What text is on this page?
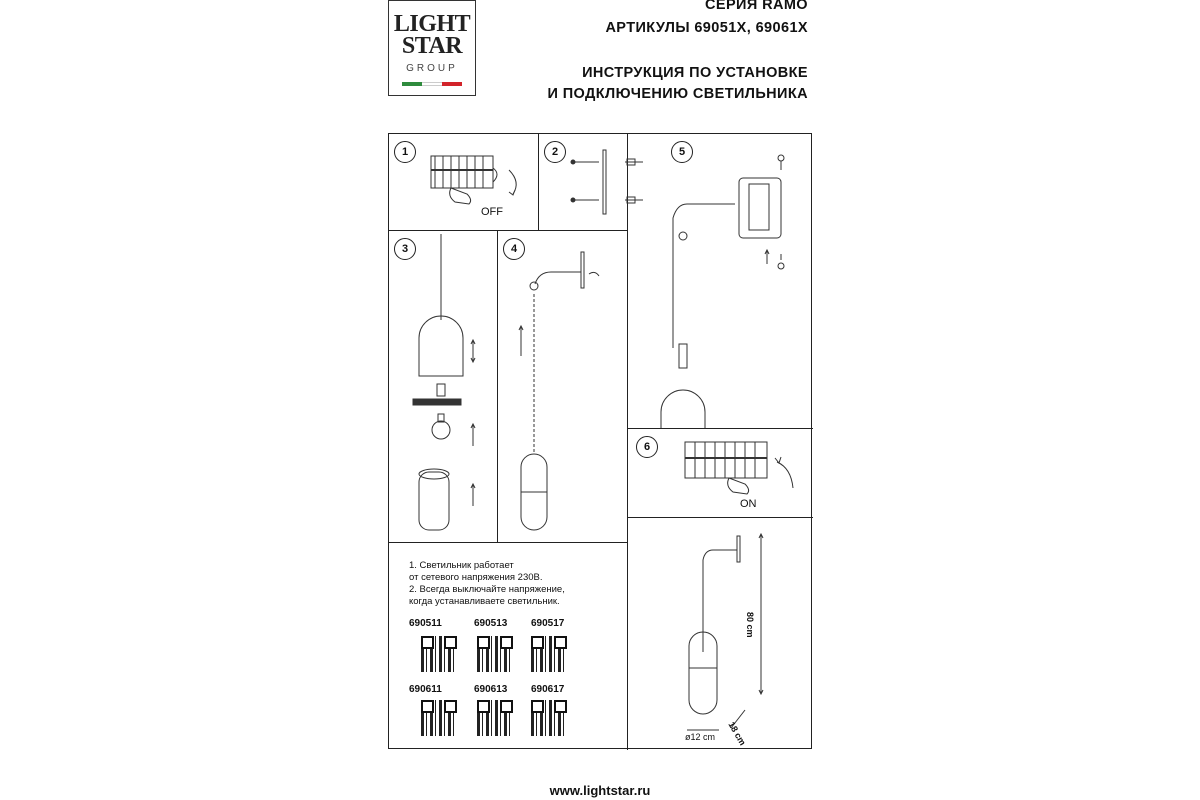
LIGHT
STAR
GROUP
СЕРИЯ RAMO
АРТИКУЛЫ 69051X, 69061X
ИНСТРУКЦИЯ ПО УСТАНОВКЕ
И ПОДКЛЮЧЕНИЮ СВЕТИЛЬНИКА
1	2	5
3	4
6
OFF
ON
80 cm
18 cm
ø12 cm
1. Светильник работает
от сетевого напряжения 230В.
2. Всегда выключайте напряжение,
когда устанавливаете светильник.
690511	690513 690517
690611	690613 690617
www.lightstar.ru
